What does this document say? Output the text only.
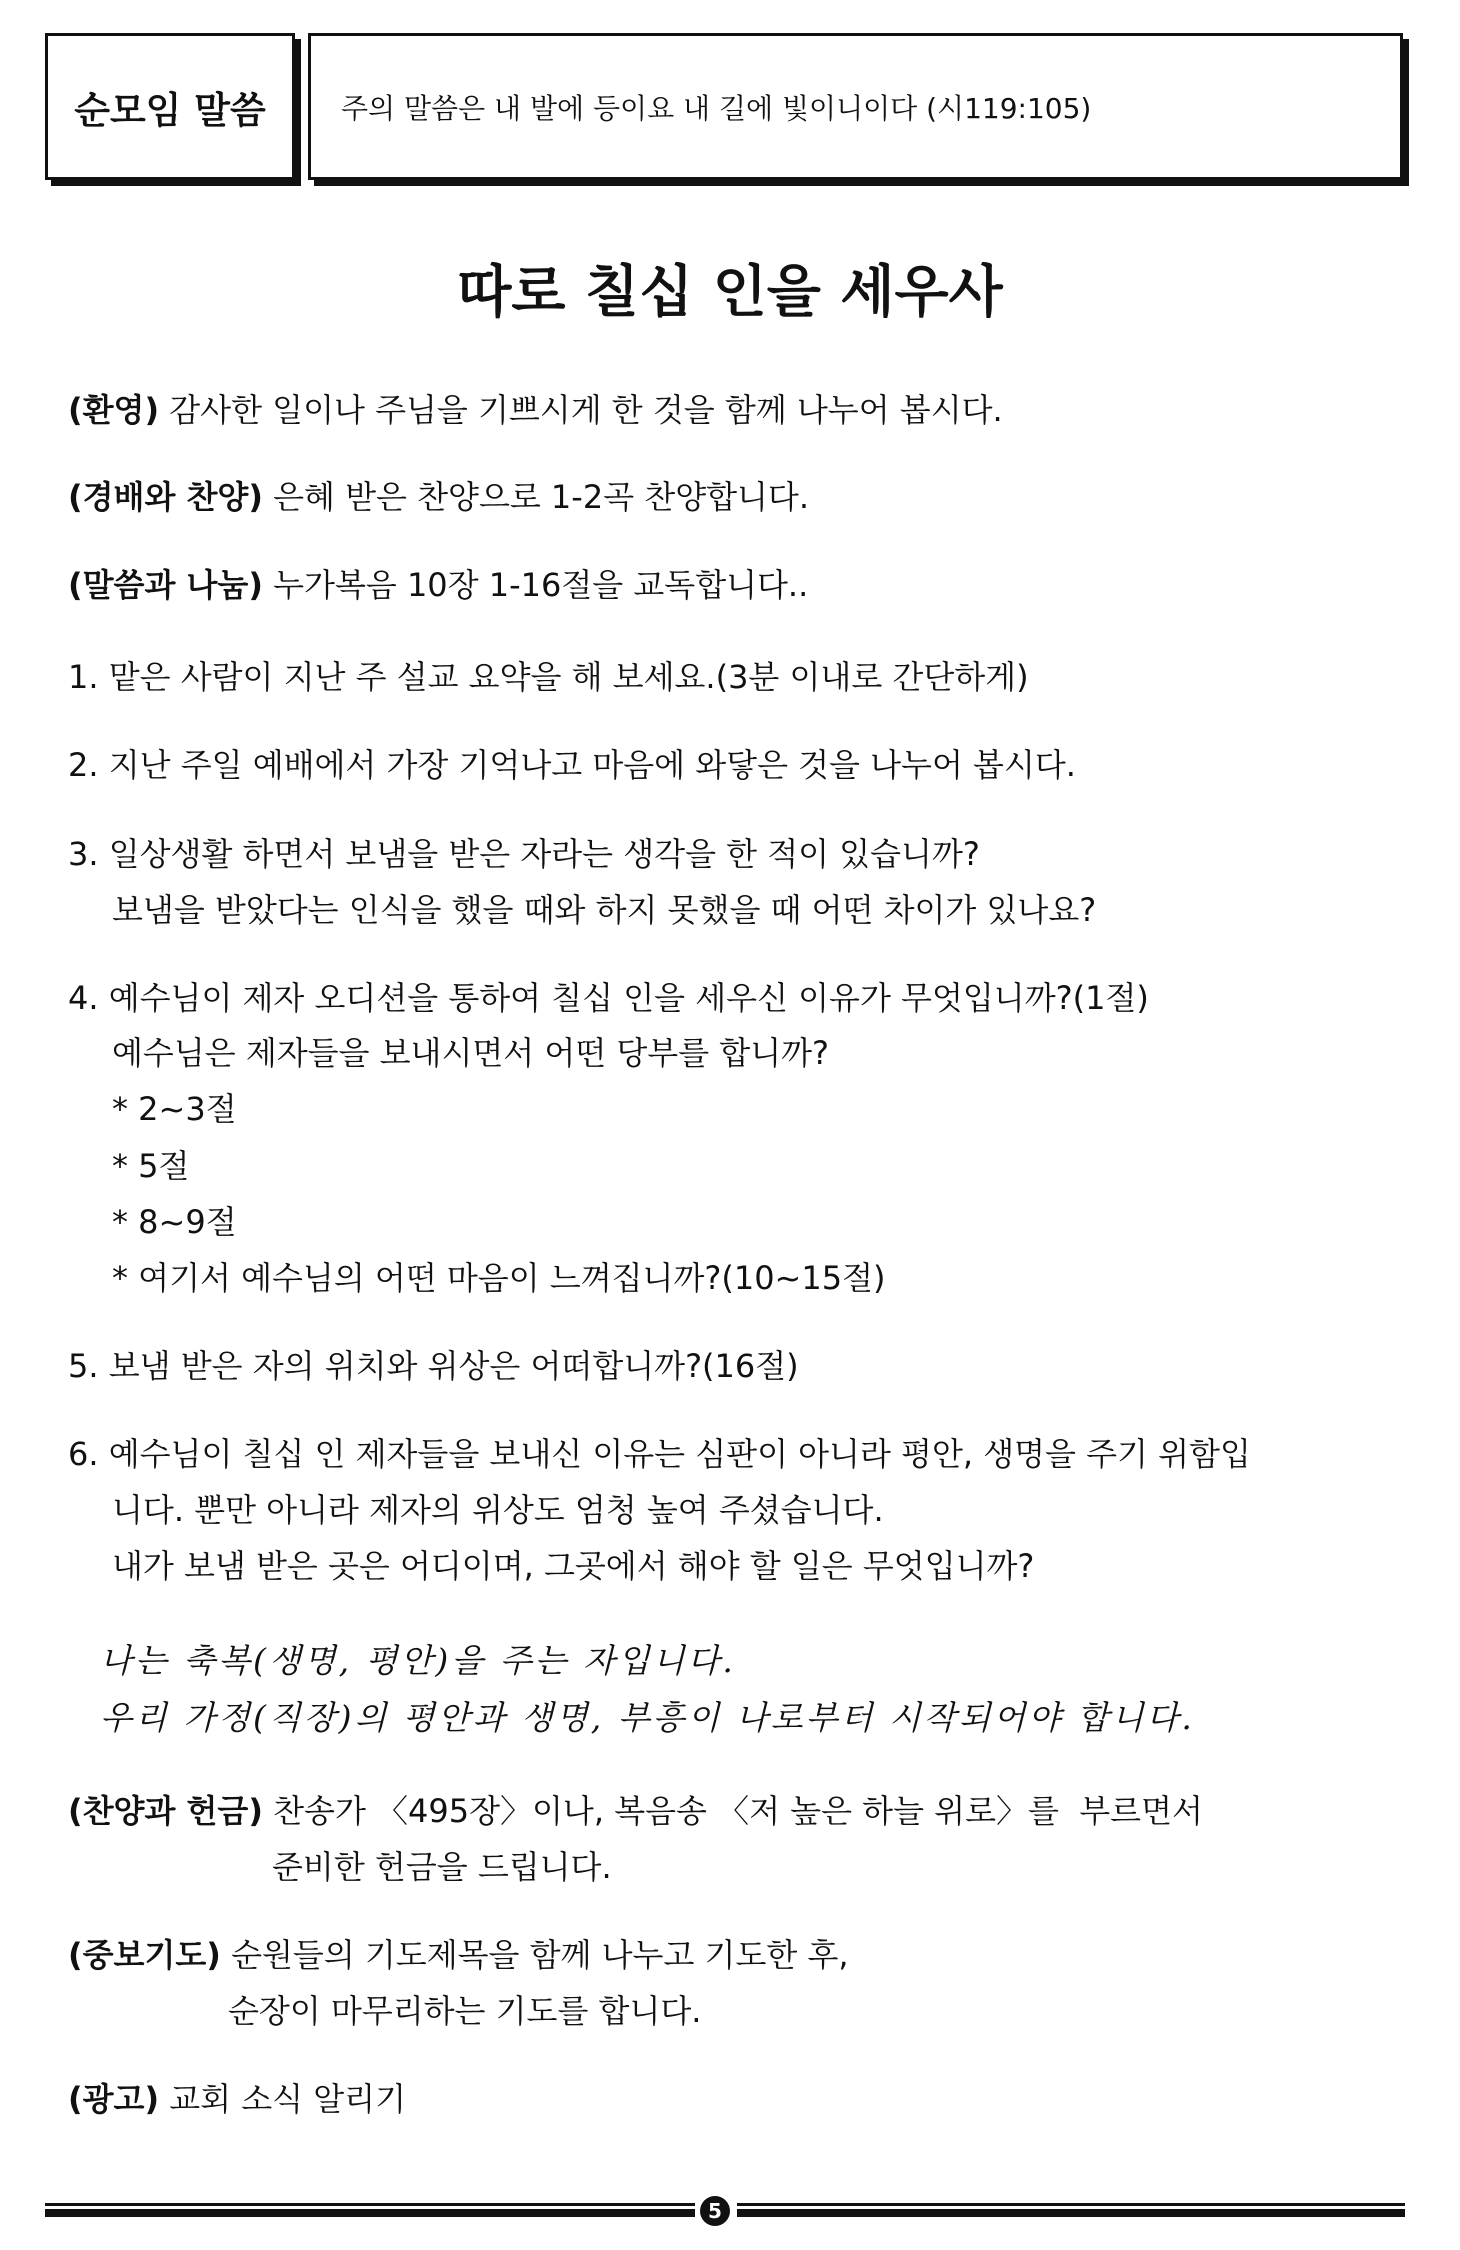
순모임 말씀	주의 말씀은 내 발에 등이요 내 길에 빛이니이다 (시119:105)
따로 칠십 인을 세우사
(환영) 감사한 일이나 주님을 기쁘시게 한 것을 함께 나누어 봅시다.
(경배와 찬양) 은혜 받은 찬양으로 1-2곡 찬양합니다.
(말씀과 나눔) 누가복음 10장 1-16절을 교독합니다..
1. 맡은 사람이 지난 주 설교 요약을 해 보세요.(3분 이내로 간단하게)
2. 지난 주일 예배에서 가장 기억나고 마음에 와닿은 것을 나누어 봅시다.
3. 일상생활 하면서 보냄을 받은 자라는 생각을 한 적이 있습니까?
보냄을 받았다는 인식을 했을 때와 하지 못했을 때 어떤 차이가 있나요?
4. 예수님이 제자 오디션을 통하여 칠십 인을 세우신 이유가 무엇입니까?(1절)
예수님은 제자들을 보내시면서 어떤 당부를 합니까?
* 2~3절
* 5절
* 8~9절
* 여기서 예수님의 어떤 마음이 느껴집니까?(10~15절)
5. 보냄 받은 자의 위치와 위상은 어떠합니까?(16절)
6. 예수님이 칠십 인 제자들을 보내신 이유는 심판이 아니라 평안, 생명을 주기 위함입
니다. 뿐만 아니라 제자의 위상도 엄청 높여 주셨습니다.
내가 보냄 받은 곳은 어디이며, 그곳에서 해야 할 일은 무엇입니까?
나는 축복(생명, 평안)을 주는 자입니다.
우리 가정(직장)의 평안과 생명, 부흥이 나로부터 시작되어야 합니다.
(찬양과 헌금) 찬송가 〈495장〉이나, 복음송 〈저 높은 하늘 위로〉를  부르면서
준비한 헌금을 드립니다.
(중보기도) 순원들의 기도제목을 함께 나누고 기도한 후,
순장이 마무리하는 기도를 합니다.
(광고) 교회 소식 알리기
5
